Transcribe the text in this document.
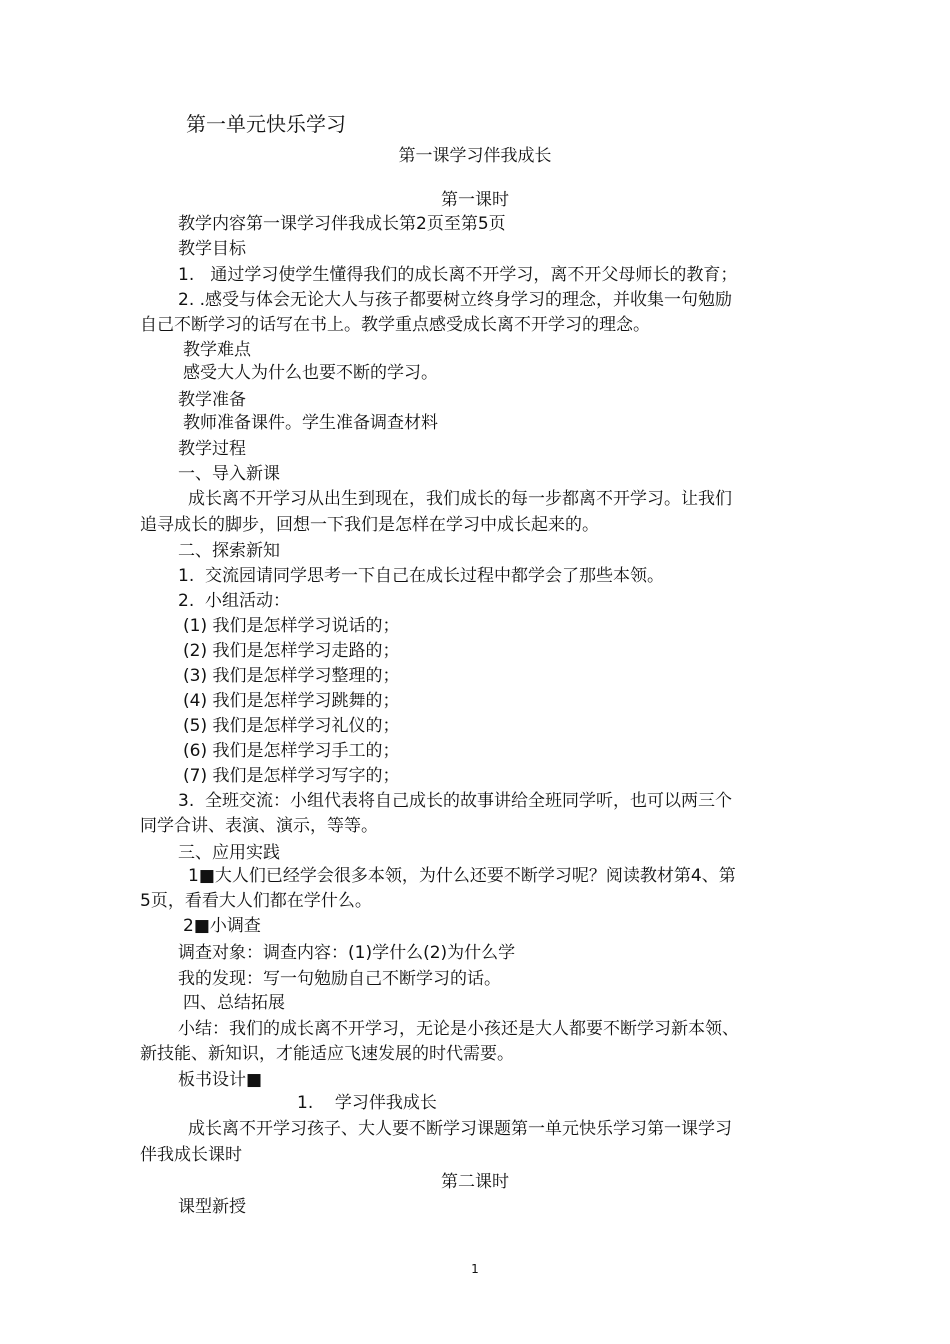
第一单元快乐学习
第一课学习伴我成长
第一课时
教学内容第一课学习伴我成长第2页至第5页
教学目标
1.   通过学习使学生懂得我们的成长离不开学习，离不开父母师长的教育；
2. .感受与体会无论大人与孩子都要树立终身学习的理念，并收集一句勉励
自己不断学习的话写在书上。教学重点感受成长离不开学习的理念。
教学难点
感受大人为什么也要不断的学习。
教学准备
教师准备课件。学生准备调查材料
教学过程
一、导入新课
成长离不开学习从出生到现在，我们成长的每一步都离不开学习。让我们
追寻成长的脚步，回想一下我们是怎样在学习中成长起来的。
二、探索新知
1.  交流园请同学思考一下自己在成长过程中都学会了那些本领。
2.  小组活动：
(1) 我们是怎样学习说话的；
(2) 我们是怎样学习走路的；
(3) 我们是怎样学习整理的；
(4) 我们是怎样学习跳舞的；
(5) 我们是怎样学习礼仪的；
(6) 我们是怎样学习手工的；
(7) 我们是怎样学习写字的；
3.  全班交流：小组代表将自己成长的故事讲给全班同学听，也可以两三个
同学合讲、表演、演示，等等。
三、应用实践
1■大人们已经学会很多本领，为什么还要不断学习呢？阅读教材第4、第
5页，看看大人们都在学什么。
2■小调查
调查对象：调查内容：(1)学什么(2)为什么学
我的发现：写一句勉励自己不断学习的话。
四、总结拓展
小结：我们的成长离不开学习，无论是小孩还是大人都要不断学习新本领、
新技能、新知识，才能适应飞速发展的时代需要。
板书设计■
1.    学习伴我成长
成长离不开学习孩子、大人要不断学习课题第一单元快乐学习第一课学习
伴我成长课时
第二课时
课型新授
1
